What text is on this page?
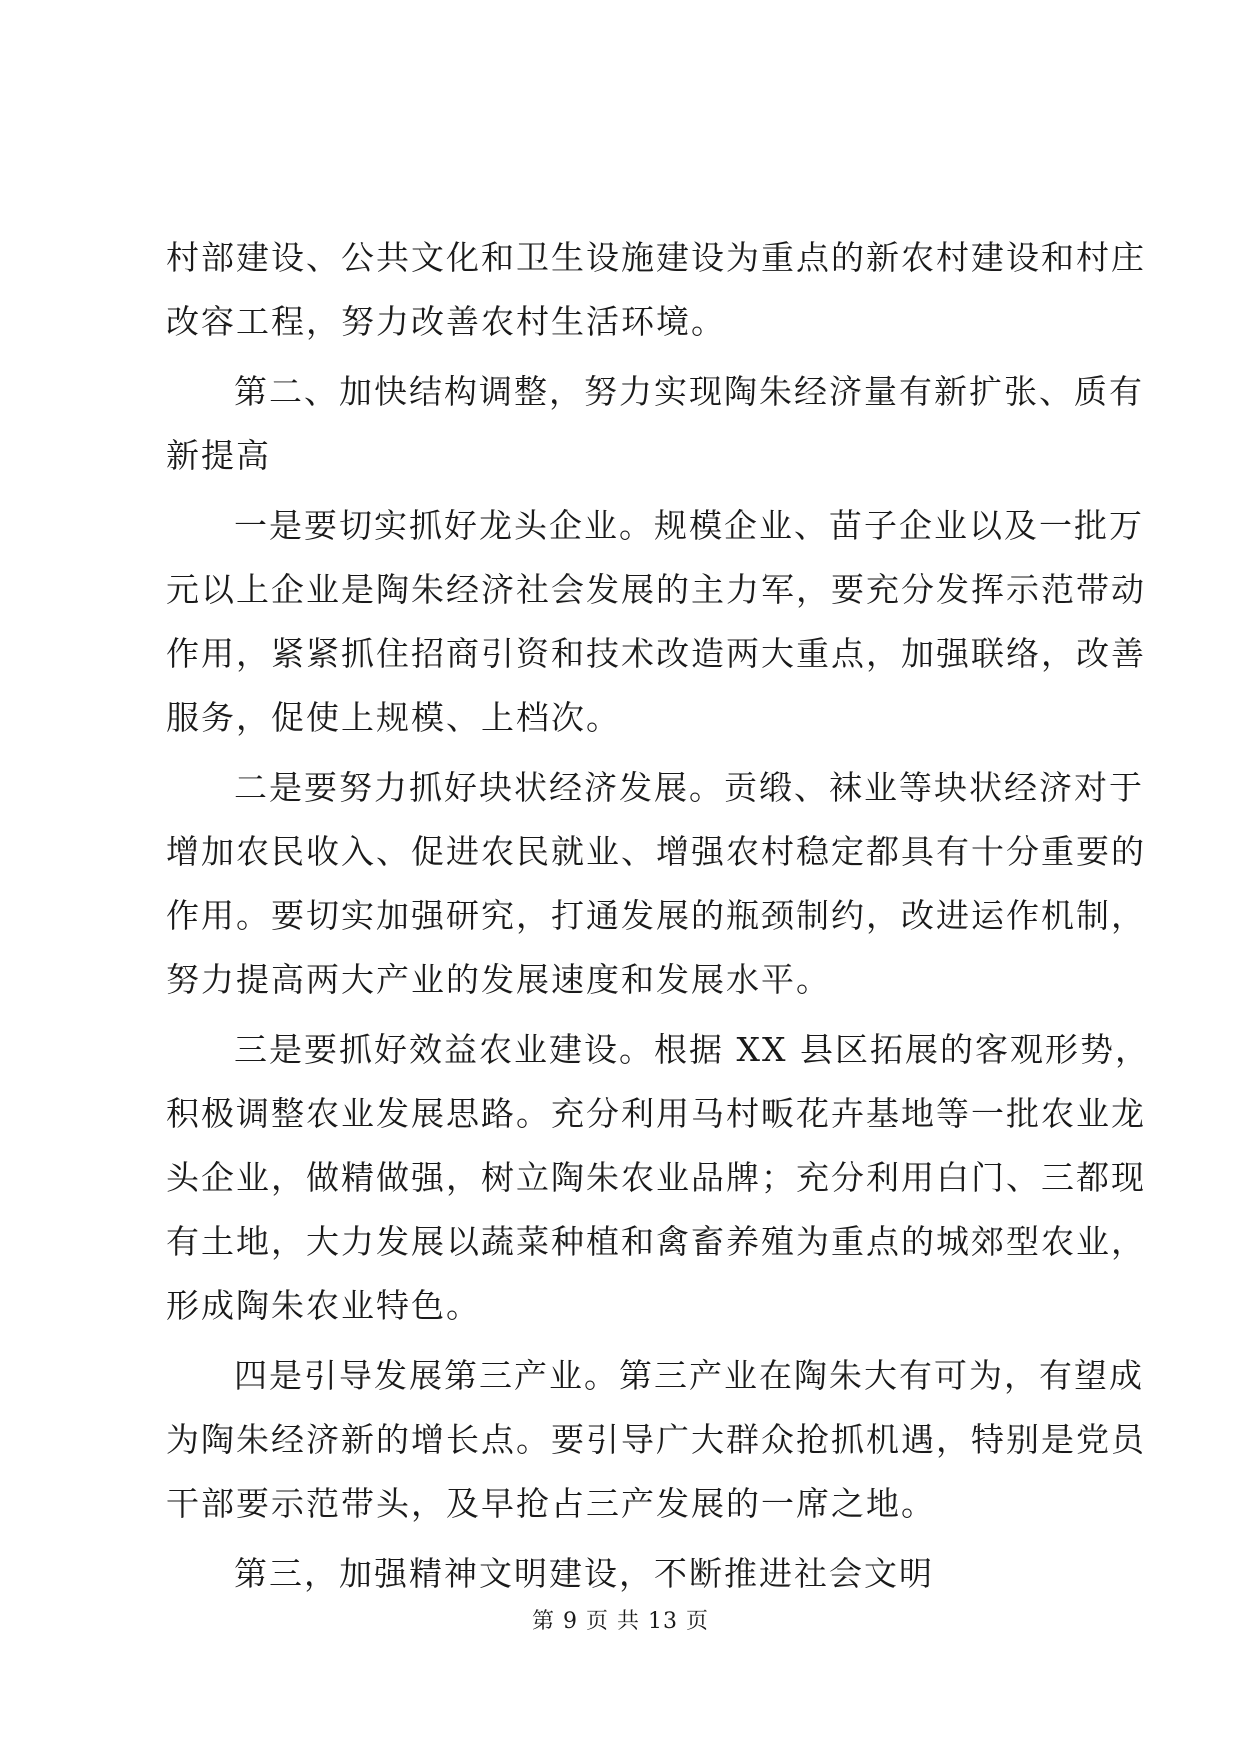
村部建设、公共文化和卫生设施建设为重点的新农村建设和村庄

改容工程，努力改善农村生活环境。

第二、加快结构调整，努力实现陶朱经济量有新扩张、质有

新提高

一是要切实抓好龙头企业。规模企业、苗子企业以及一批万

元以上企业是陶朱经济社会发展的主力军，要充分发挥示范带动

作用，紧紧抓住招商引资和技术改造两大重点，加强联络，改善

服务，促使上规模、上档次。

二是要努力抓好块状经济发展。贡缎、袜业等块状经济对于

增加农民收入、促进农民就业、增强农村稳定都具有十分重要的

作用。要切实加强研究，打通发展的瓶颈制约，改进运作机制，

努力提高两大产业的发展速度和发展水平。

三是要抓好效益农业建设。根据 XX 县区拓展的客观形势，

积极调整农业发展思路。充分利用马村畈花卉基地等一批农业龙

头企业，做精做强，树立陶朱农业品牌；充分利用白门、三都现

有土地，大力发展以蔬菜种植和禽畜养殖为重点的城郊型农业，

形成陶朱农业特色。

四是引导发展第三产业。第三产业在陶朱大有可为，有望成

为陶朱经济新的增长点。要引导广大群众抢抓机遇，特别是党员

干部要示范带头，及早抢占三产发展的一席之地。

第三，加强精神文明建设，不断推进社会文明

第 9 页 共 13 页
